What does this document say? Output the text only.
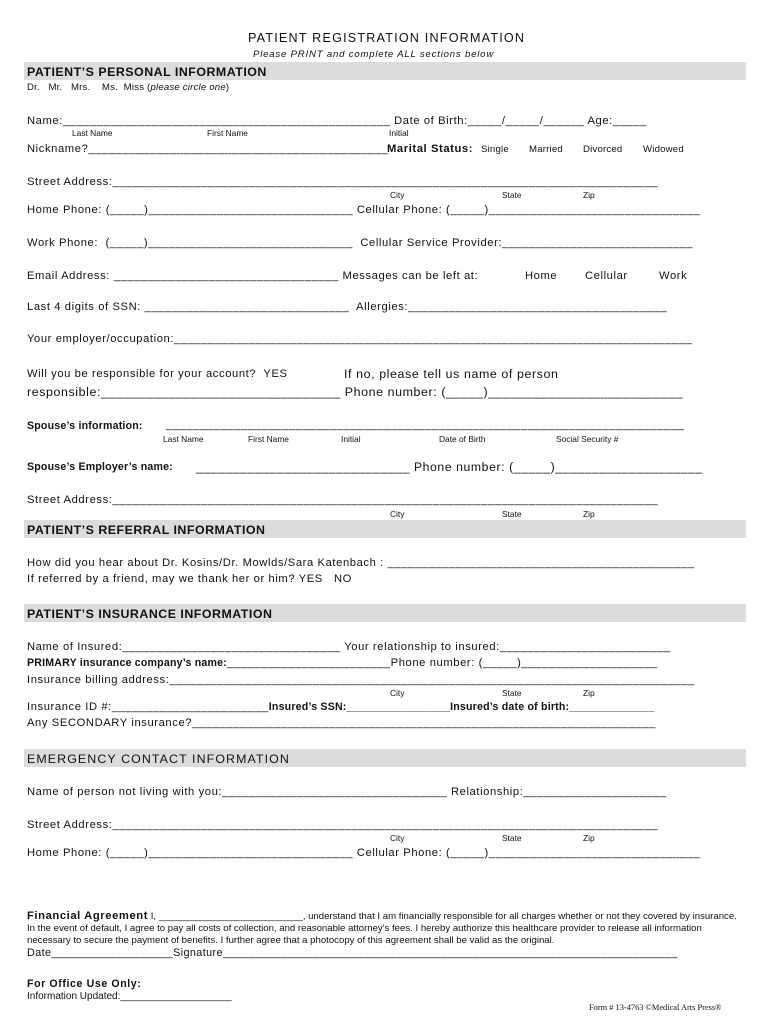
PATIENT REGISTRATION INFORMATION
Please PRINT and complete ALL sections below
PATIENT’S PERSONAL INFORMATION
Dr.   Mr.   Mrs.    Ms.  Miss (please circle one)
Name:________________________________________________ Date of Birth:_____/_____/______ Age:_____
Last Name	First Name	Initial
Nickname?____________________________________________
Marital Status: Single Married Divorced Widowed
Street Address:________________________________________________________________________________
City	State	Zip
Home Phone: (_____)______________________________ Cellular Phone: (_____)_______________________________
Work Phone:  (_____)______________________________  Cellular Service Provider:____________________________
Email Address: _________________________________ Messages can be left at:	Home Cellular	Work
Last 4 digits of SSN: ______________________________  Allergies:______________________________________
Your employer/occupation:____________________________________________________________________________
Will you be responsible for your account?  YES	If no, please tell us name of person
responsible:________________________________ Phone number: (_____)__________________________
Spouse’s information: ____________________________________________________________________________
Last Name	First Name	Initial	Date of Birth	Social Security #
Spouse’s Employer’s name: _____________________________ Phone number: (_____)____________________
Street Address:________________________________________________________________________________
City	State	Zip
PATIENT’S REFERRAL INFORMATION
How did you hear about Dr. Kosins/Dr. Mowlds/Sara Katenbach : _____________________________________________
If referred by a friend, may we thank her or him? YES   NO
PATIENT’S INSURANCE INFORMATION
Name of Insured:________________________________ Your relationship to insured:_________________________
PRIMARY insurance company’s name:________________________Phone number: (_____)____________________
Insurance billing address:_____________________________________________________________________________
City	State	Zip
Insurance ID #:_______________________Insured’s SSN:_________________Insured’s date of birth:______________
Any SECONDARY insurance?____________________________________________________________________
EMERGENCY CONTACT INFORMATION
Name of person not living with you:_________________________________ Relationship:_____________________
Street Address:________________________________________________________________________________
City	State	Zip
Home Phone: (_____)______________________________ Cellular Phone: (_____)_______________________________
Financial Agreement I, ___________________________, understand that I am financially responsible for all charges whether or not they covered by insurance. In the event of default, I agree to pay all costs of collection, and reasonable attorney's fees. I hereby authorize this healthcare provider to release all information necessary to secure the payment of benefits. I further agree that a photocopy of this agreement shall be valid as the original.
Date___________________Signature_______________________________________________________________________
For Office Use Only:
Information Updated:____________________
Form # 13-4763 ©Medical Arts Press®
